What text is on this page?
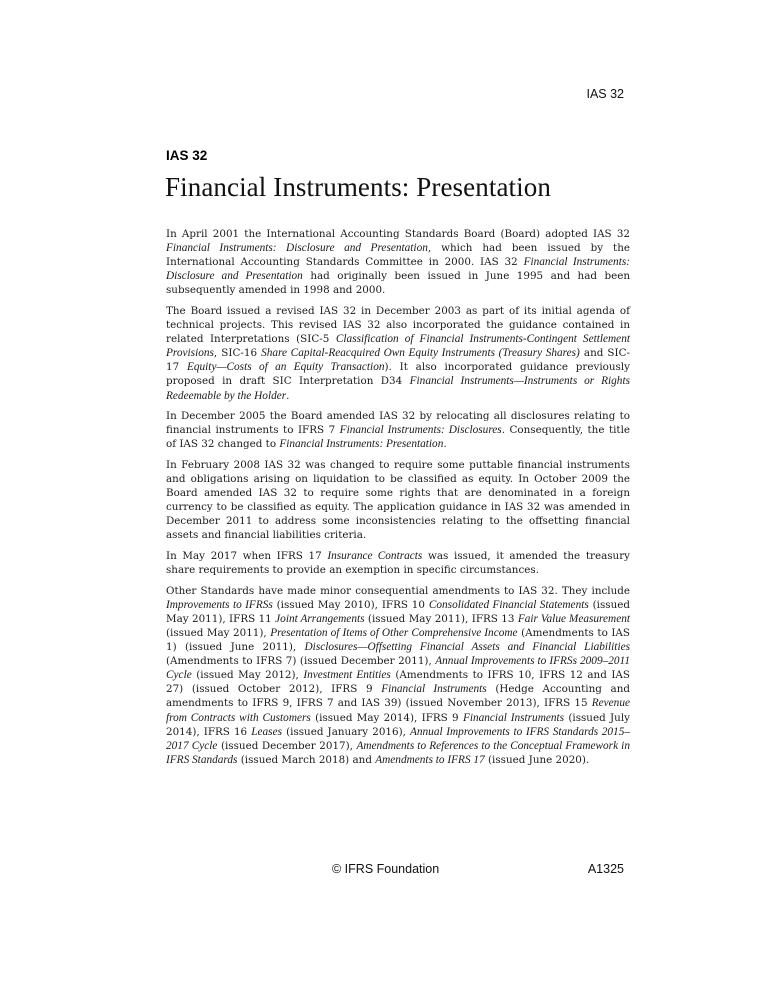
IAS 32
IAS 32
Financial Instruments: Presentation

In April 2001 the International Accounting Standards Board (Board) adopted IAS 32 Financial Instruments: Disclosure and Presentation, which had been issued by the International Accounting Standards Committee in 2000. IAS 32 Financial Instruments: Disclosure and Presentation had originally been issued in June 1995 and had been subsequently amended in 1998 and 2000.

The Board issued a revised IAS 32 in December 2003 as part of its initial agenda of technical projects. This revised IAS 32 also incorporated the guidance contained in related Interpretations (SIC-5 Classification of Financial Instruments-Contingent Settlement Provisions, SIC-16 Share Capital-Reacquired Own Equity Instruments (Treasury Shares) and SIC-17 Equity—Costs of an Equity Transaction). It also incorporated guidance previously proposed in draft SIC Interpretation D34 Financial Instruments—Instruments or Rights Redeemable by the Holder.

In December 2005 the Board amended IAS 32 by relocating all disclosures relating to financial instruments to IFRS 7 Financial Instruments: Disclosures. Consequently, the title of IAS 32 changed to Financial Instruments: Presentation.

In February 2008 IAS 32 was changed to require some puttable financial instruments and obligations arising on liquidation to be classified as equity. In October 2009 the Board amended IAS 32 to require some rights that are denominated in a foreign currency to be classified as equity. The application guidance in IAS 32 was amended in December 2011 to address some inconsistencies relating to the offsetting financial assets and financial liabilities criteria.

In May 2017 when IFRS 17 Insurance Contracts was issued, it amended the treasury share requirements to provide an exemption in specific circumstances.

Other Standards have made minor consequential amendments to IAS 32. They include Improvements to IFRSs (issued May 2010), IFRS 10 Consolidated Financial Statements (issued May 2011), IFRS 11 Joint Arrangements (issued May 2011), IFRS 13 Fair Value Measurement (issued May 2011), Presentation of Items of Other Comprehensive Income (Amendments to IAS 1) (issued June 2011), Disclosures—Offsetting Financial Assets and Financial Liabilities (Amendments to IFRS 7) (issued December 2011), Annual Improvements to IFRSs 2009–2011 Cycle (issued May 2012), Investment Entities (Amendments to IFRS 10, IFRS 12 and IAS 27) (issued October 2012), IFRS 9 Financial Instruments (Hedge Accounting and amendments to IFRS 9, IFRS 7 and IAS 39) (issued November 2013), IFRS 15 Revenue from Contracts with Customers (issued May 2014), IFRS 9 Financial Instruments (issued July 2014), IFRS 16 Leases (issued January 2016), Annual Improvements to IFRS Standards 2015–2017 Cycle (issued December 2017), Amendments to References to the Conceptual Framework in IFRS Standards (issued March 2018) and Amendments to IFRS 17 (issued June 2020).

© IFRS Foundation	A1325
